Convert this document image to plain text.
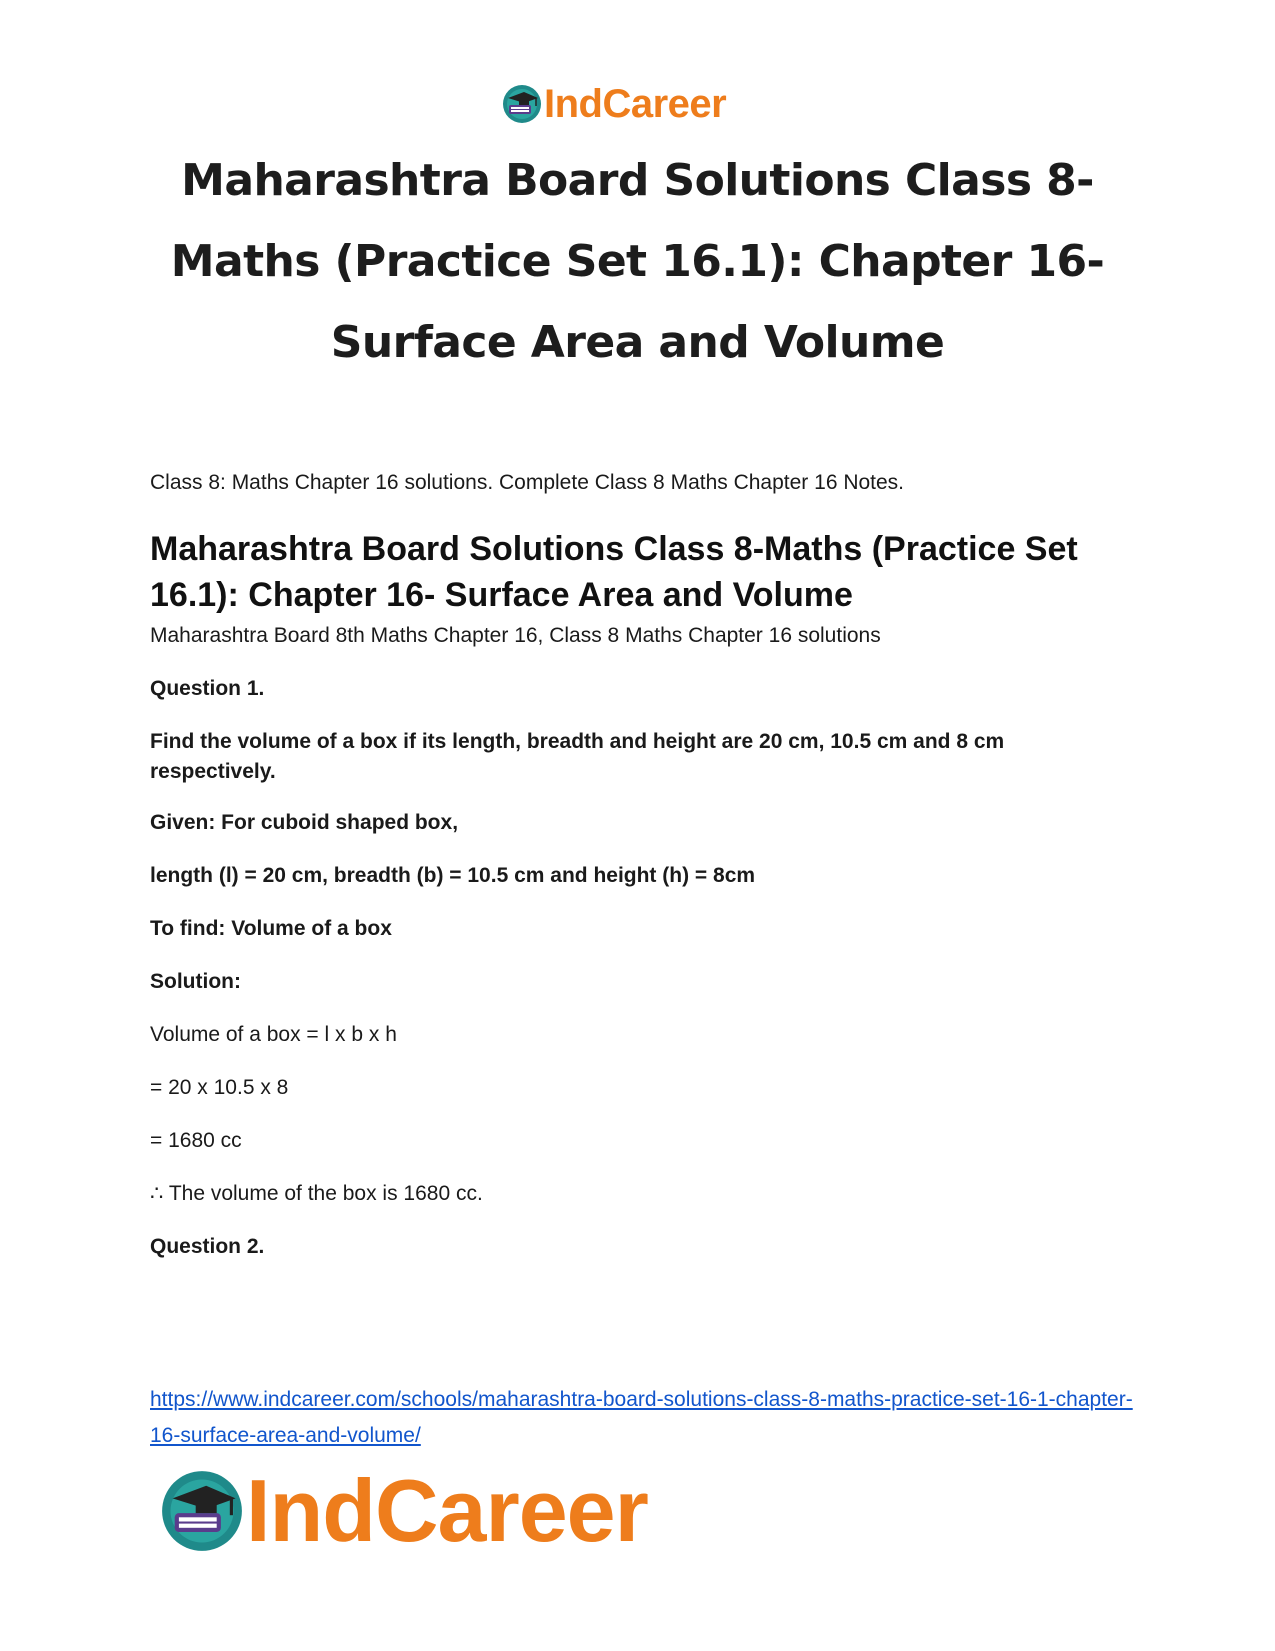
IndCareer
Maharashtra Board Solutions Class 8-Maths (Practice Set 16.1): Chapter 16- Surface Area and Volume

Class 8: Maths Chapter 16 solutions. Complete Class 8 Maths Chapter 16 Notes.

Maharashtra Board Solutions Class 8-Maths (Practice Set 16.1): Chapter 16- Surface Area and Volume

Maharashtra Board 8th Maths Chapter 16, Class 8 Maths Chapter 16 solutions

Question 1.

Find the volume of a box if its length, breadth and height are 20 cm, 10.5 cm and 8 cm respectively.

Given: For cuboid shaped box,

length (l) = 20 cm, breadth (b) = 10.5 cm and height (h) = 8cm

To find: Volume of a box

Solution:

Volume of a box = l x b x h

= 20 x 10.5 x 8

= 1680 cc

∴ The volume of the box is 1680 cc.

Question 2.

https://www.indcareer.com/schools/maharashtra-board-solutions-class-8-maths-practice-set-16-1-chapter-16-surface-area-and-volume/
IndCareer
